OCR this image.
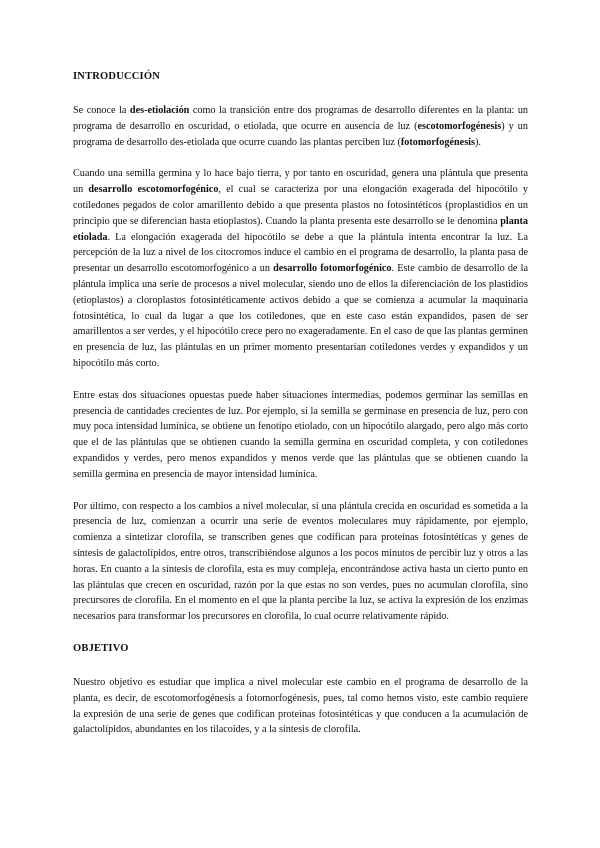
INTRODUCCIÓN

Se conoce la des-etiolación como la transición entre dos programas de desarrollo diferentes en la planta: un programa de desarrollo en oscuridad, o etiolada, que ocurre en ausencia de luz (escotomorfogénesis) y un programa de desarrollo des-etiolada que ocurre cuando las plantas perciben luz (fotomorfogénesis).

Cuando una semilla germina y lo hace bajo tierra, y por tanto en oscuridad, genera una plántula que presenta un desarrollo escotomorfogénico, el cual se caracteriza por una elongación exagerada del hipocótilo y cotiledones pegados de color amarillento debido a que presenta plastos no fotosintéticos (proplastidios en un principio que se diferencian hasta etioplastos). Cuando la planta presenta este desarrollo se le denomina planta etiolada. La elongación exagerada del hipocótilo se debe a que la plántula intenta encontrar la luz. La percepción de la luz a nivel de los citocromos induce el cambio en el programa de desarrollo, la planta pasa de presentar un desarrollo escotomorfogénico a un desarrollo fotomorfogénico. Este cambio de desarrollo de la plántula implica una serie de procesos a nivel molecular, siendo uno de ellos la diferenciación de los plastidios (etioplastos) a cloroplastos fotosintéticamente activos debido a que se comienza a acumular la maquinaria fotosintética, lo cual da lugar a que los cotiledones, que en este caso están expandidos, pasen de ser amarillentos a ser verdes, y el hipocótilo crece pero no exageradamente. En el caso de que las plantas germinen en presencia de luz, las plántulas en un primer momento presentarían cotiledones verdes y expandidos y un hipocótilo más corto.

Entre estas dos situaciones opuestas puede haber situaciones intermedias, podemos germinar las semillas en presencia de cantidades crecientes de luz. Por ejemplo, si la semilla se germinase en presencia de luz, pero con muy poca intensidad lumínica, se obtiene un fenotipo etiolado, con un hipocótilo alargado, pero algo más corto que el de las plántulas que se obtienen cuando la semilla germina en oscuridad completa, y con cotiledones expandidos y verdes, pero menos expandidos y menos verde que las plántulas que se obtienen cuando la semilla germina en presencia de mayor intensidad lumínica.

Por último, con respecto a los cambios a nivel molecular, si una plántula crecida en oscuridad es sometida a la presencia de luz, comienzan a ocurrir una serie de eventos moleculares muy rápidamente, por ejemplo, comienza a sintetizar clorofila, se transcriben genes que codifican para proteínas fotosintéticas y genes de síntesis de galactolípidos, entre otros, transcribiéndose algunos a los pocos minutos de percibir luz y otros a las horas. En cuanto a la síntesis de clorofila, esta es muy compleja, encontrándose activa hasta un cierto punto en las plántulas que crecen en oscuridad, razón por la que estas no son verdes, pues no acumulan clorofila, sino precursores de clorofila. En el momento en el que la planta percibe la luz, se activa la expresión de los enzimas necesarios para transformar los precursores en clorofila, lo cual ocurre relativamente rápido.

OBJETIVO

Nuestro objetivo es estudiar que implica a nivel molecular este cambio en el programa de desarrollo de la planta, es decir, de escotomorfogénesis a fotomorfogénesis, pues, tal como hemos visto, este cambio requiere la expresión de una serie de genes que codifican proteínas fotosintéticas y que conducen a la acumulación de galactolípidos, abundantes en los tilacoides, y a la síntesis de clorofila.
